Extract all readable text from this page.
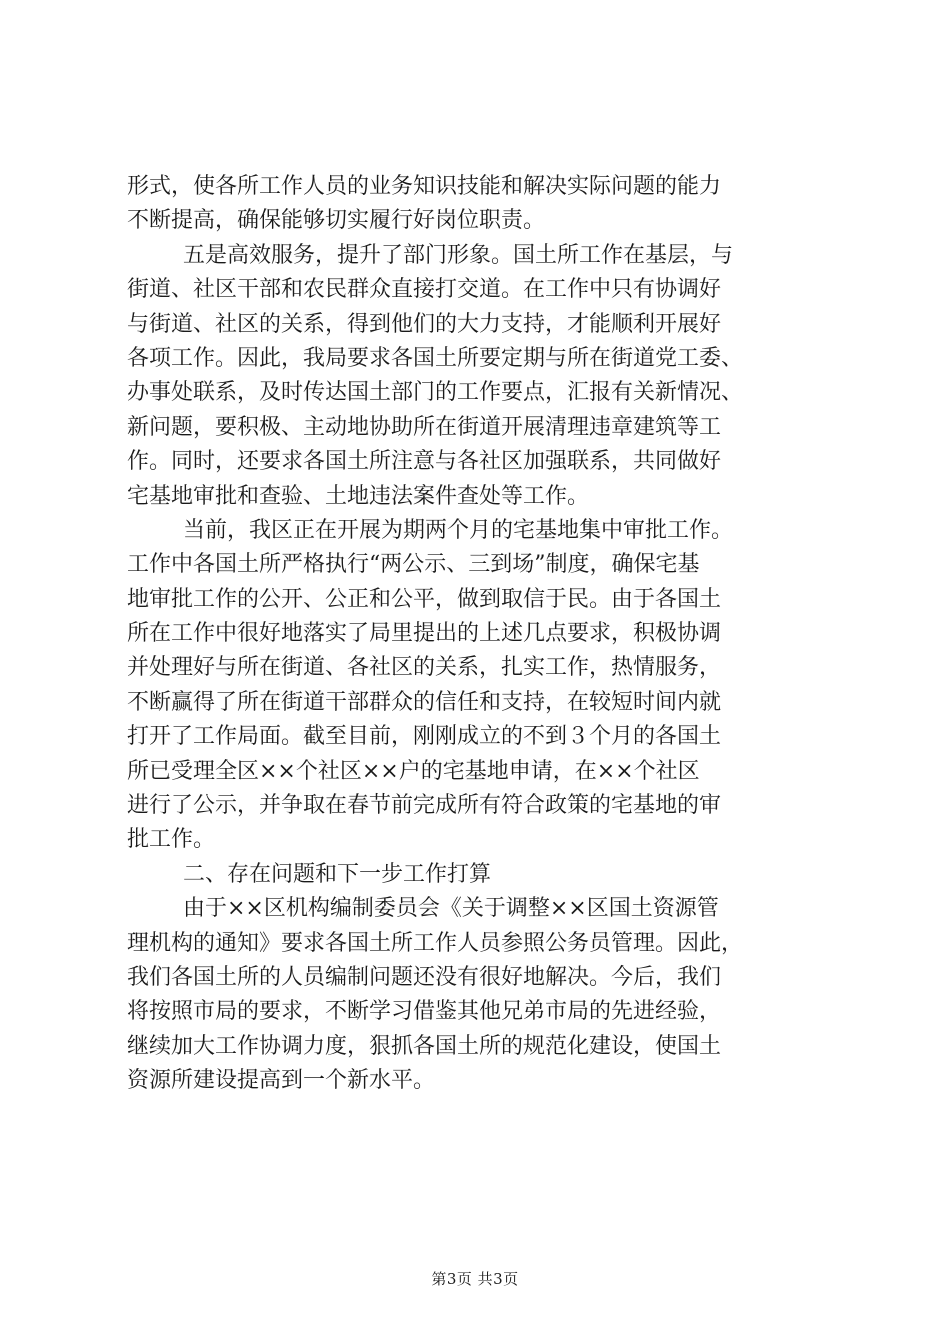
形式，使各所工作人员的业务知识技能和解决实际问题的能力
不断提高，确保能够切实履行好岗位职责。
五是高效服务，提升了部门形象。国土所工作在基层，与
街道、社区干部和农民群众直接打交道。在工作中只有协调好
与街道、社区的关系，得到他们的大力支持，才能顺利开展好
各项工作。因此，我局要求各国土所要定期与所在街道党工委、
办事处联系，及时传达国土部门的工作要点，汇报有关新情况、
新问题，要积极、主动地协助所在街道开展清理违章建筑等工
作。同时，还要求各国土所注意与各社区加强联系，共同做好
宅基地审批和查验、土地违法案件查处等工作。
当前，我区正在开展为期两个月的宅基地集中审批工作。
工作中各国土所严格执行“两公示、三到场”制度，确保宅基
地审批工作的公开、公正和公平，做到取信于民。由于各国土
所在工作中很好地落实了局里提出的上述几点要求，积极协调
并处理好与所在街道、各社区的关系，扎实工作，热情服务，
不断赢得了所在街道干部群众的信任和支持，在较短时间内就
打开了工作局面。截至目前，刚刚成立的不到３个月的各国土
所已受理全区××个社区××户的宅基地申请，在××个社区
进行了公示，并争取在春节前完成所有符合政策的宅基地的审
批工作。
二、存在问题和下一步工作打算
由于××区机构编制委员会《关于调整××区国土资源管
理机构的通知》要求各国土所工作人员参照公务员管理。因此，
我们各国土所的人员编制问题还没有很好地解决。今后，我们
将按照市局的要求，不断学习借鉴其他兄弟市局的先进经验，
继续加大工作协调力度，狠抓各国土所的规范化建设，使国土
资源所建设提高到一个新水平。
第3页 共3页
